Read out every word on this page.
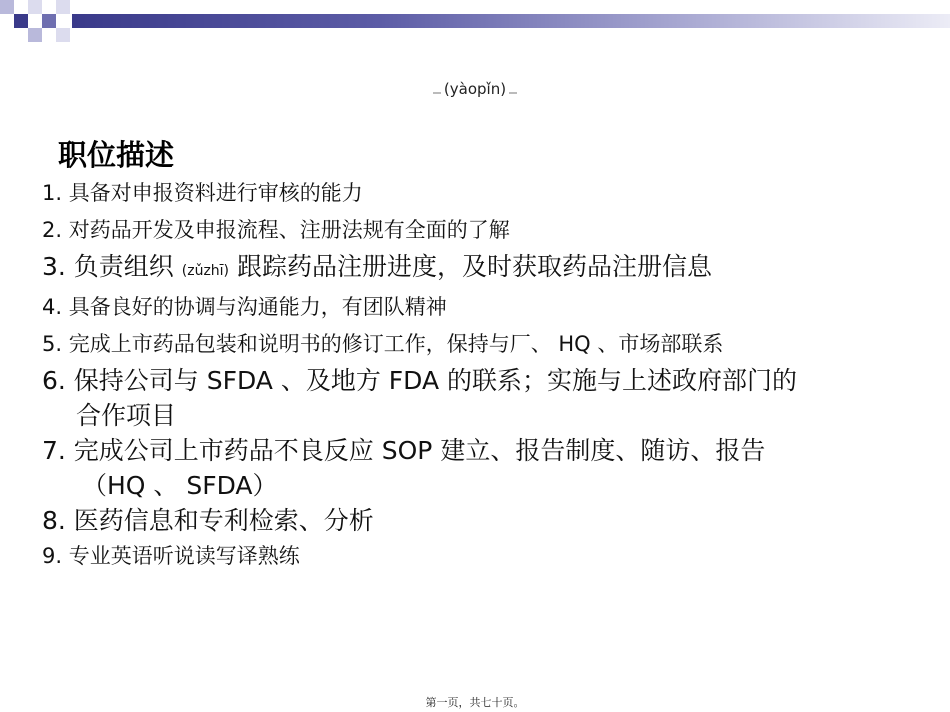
(yàopǐn)
职位描述
1. 具备对申报资料进行审核的能力
2. 对药品开发及申报流程、注册法规有全面的了解
3. 负责组织 (zǔzhī) 跟踪药品注册进度，及时获取药品注册信息
4. 具备良好的协调与沟通能力，有团队精神
5. 完成上市药品包装和说明书的修订工作，保持与厂、 HQ 、市场部联系
6. 保持公司与 SFDA 、及地方 FDA 的联系；实施与上述政府部门的
合作项目
7. 完成公司上市药品不良反应 SOP 建立、报告制度、随访、报告
（HQ 、 SFDA）
8. 医药信息和专利检索、分析
9. 专业英语听说读写译熟练
第一页，共七十页。
